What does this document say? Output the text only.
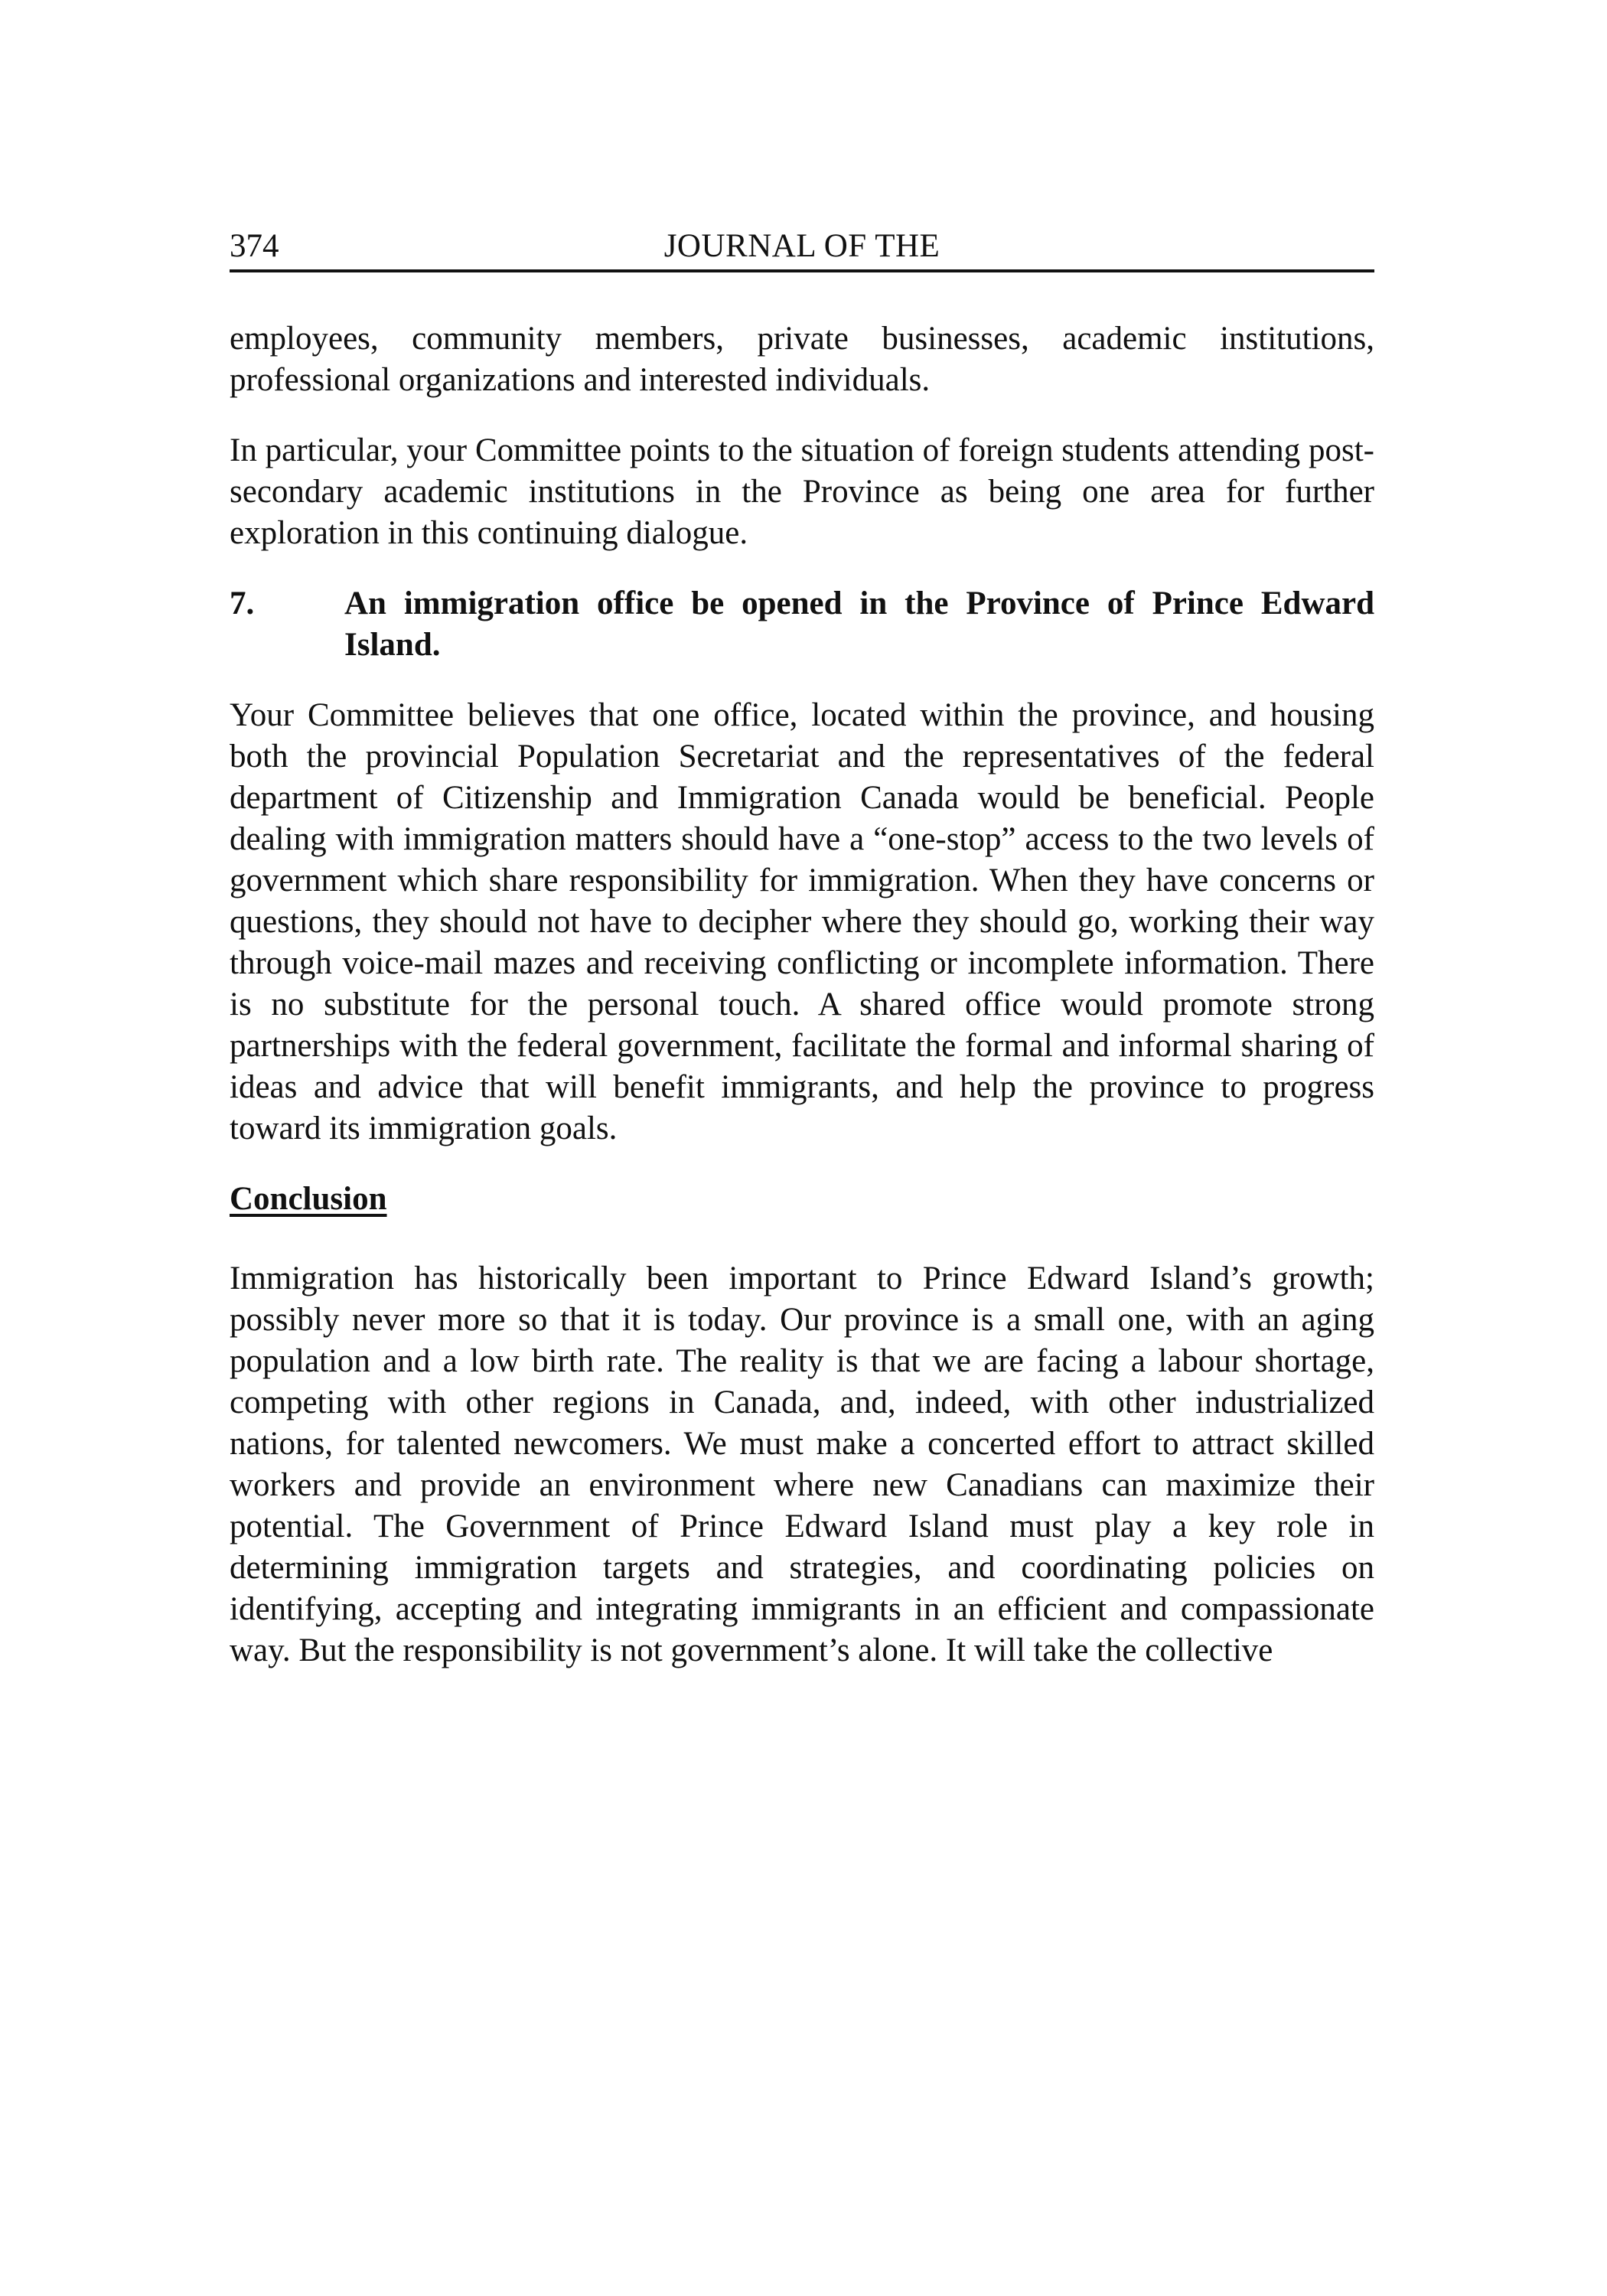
374	JOURNAL OF THE

employees, community members, private businesses, academic institutions, professional organizations and interested individuals.

In particular, your Committee points to the situation of foreign students attending post-secondary academic institutions in the Province as being one area for further exploration in this continuing dialogue.

7.	An immigration office be opened in the Province of Prince Edward Island.

Your Committee believes that one office, located within the province, and housing both the provincial Population Secretariat and the representatives of the federal department of Citizenship and Immigration Canada would be beneficial. People dealing with immigration matters should have a “one-stop” access to the two levels of government which share responsibility for immigration. When they have concerns or questions, they should not have to decipher where they should go, working their way through voice-mail mazes and receiving conflicting or incomplete information. There is no substitute for the personal touch. A shared office would promote strong partnerships with the federal government, facilitate the formal and informal sharing of ideas and advice that will benefit immigrants, and help the province to progress toward its immigration goals.

Conclusion

Immigration has historically been important to Prince Edward Island’s growth; possibly never more so that it is today. Our province is a small one, with an aging population and a low birth rate. The reality is that we are facing a labour shortage, competing with other regions in Canada, and, indeed, with other industrialized nations, for talented newcomers. We must make a concerted effort to attract skilled workers and provide an environment where new Canadians can maximize their potential. The Government of Prince Edward Island must play a key role in determining immigration targets and strategies, and coordinating policies on identifying, accepting and integrating immigrants in an efficient and compassionate way. But the responsibility is not government’s alone. It will take the collective
